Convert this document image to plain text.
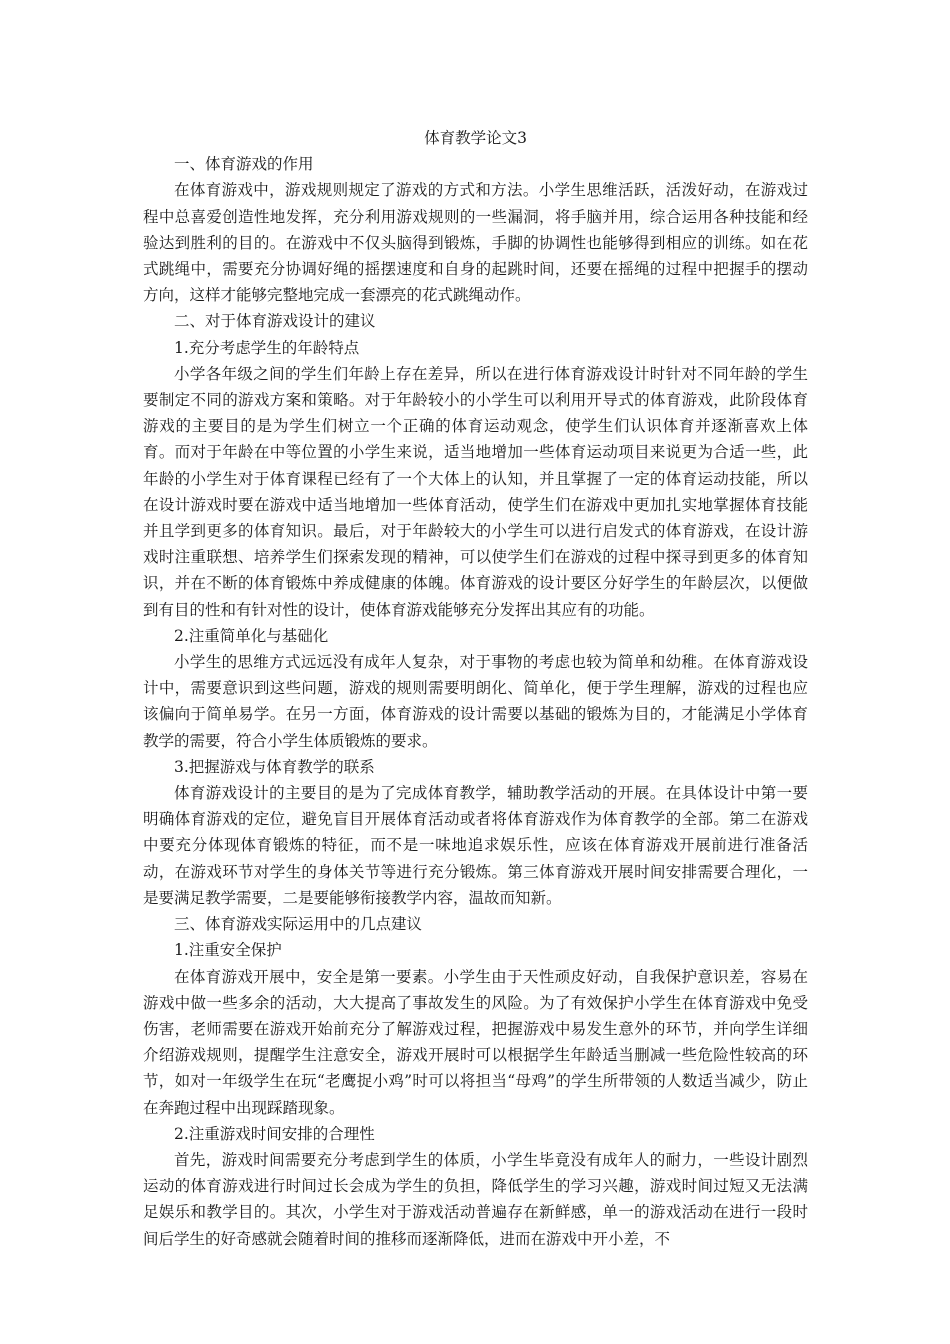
体育教学论文3

一、体育游戏的作用

在体育游戏中，游戏规则规定了游戏的方式和方法。小学生思维活跃，活泼好动，在游戏过程中总喜爱创造性地发挥，充分利用游戏规则的一些漏洞，将手脑并用，综合运用各种技能和经验达到胜利的目的。在游戏中不仅头脑得到锻炼，手脚的协调性也能够得到相应的训练。如在花式跳绳中，需要充分协调好绳的摇摆速度和自身的起跳时间，还要在摇绳的过程中把握手的摆动方向，这样才能够完整地完成一套漂亮的花式跳绳动作。

二、对于体育游戏设计的建议

1.充分考虑学生的年龄特点

小学各年级之间的学生们年龄上存在差异，所以在进行体育游戏设计时针对不同年龄的学生要制定不同的游戏方案和策略。对于年龄较小的小学生可以利用开导式的体育游戏，此阶段体育游戏的主要目的是为学生们树立一个正确的体育运动观念，使学生们认识体育并逐渐喜欢上体育。而对于年龄在中等位置的小学生来说，适当地增加一些体育运动项目来说更为合适一些，此年龄的小学生对于体育课程已经有了一个大体上的认知，并且掌握了一定的体育运动技能，所以在设计游戏时要在游戏中适当地增加一些体育活动，使学生们在游戏中更加扎实地掌握体育技能并且学到更多的体育知识。最后，对于年龄较大的小学生可以进行启发式的体育游戏，在设计游戏时注重联想、培养学生们探索发现的精神，可以使学生们在游戏的过程中探寻到更多的体育知识，并在不断的体育锻炼中养成健康的体魄。体育游戏的设计要区分好学生的年龄层次，以便做到有目的性和有针对性的设计，使体育游戏能够充分发挥出其应有的功能。

2.注重简单化与基础化

小学生的思维方式远远没有成年人复杂，对于事物的考虑也较为简单和幼稚。在体育游戏设计中，需要意识到这些问题，游戏的规则需要明朗化、简单化，便于学生理解，游戏的过程也应该偏向于简单易学。在另一方面，体育游戏的设计需要以基础的锻炼为目的，才能满足小学体育教学的需要，符合小学生体质锻炼的要求。

3.把握游戏与体育教学的联系

体育游戏设计的主要目的是为了完成体育教学，辅助教学活动的开展。在具体设计中第一要明确体育游戏的定位，避免盲目开展体育活动或者将体育游戏作为体育教学的全部。第二在游戏中要充分体现体育锻炼的特征，而不是一味地追求娱乐性，应该在体育游戏开展前进行准备活动，在游戏环节对学生的身体关节等进行充分锻炼。第三体育游戏开展时间安排需要合理化，一是要满足教学需要，二是要能够衔接教学内容，温故而知新。

三、体育游戏实际运用中的几点建议

1.注重安全保护

在体育游戏开展中，安全是第一要素。小学生由于天性顽皮好动，自我保护意识差，容易在游戏中做一些多余的活动，大大提高了事故发生的风险。为了有效保护小学生在体育游戏中免受伤害，老师需要在游戏开始前充分了解游戏过程，把握游戏中易发生意外的环节，并向学生详细介绍游戏规则，提醒学生注意安全，游戏开展时可以根据学生年龄适当删减一些危险性较高的环节，如对一年级学生在玩“老鹰捉小鸡”时可以将担当“母鸡”的学生所带领的人数适当减少，防止在奔跑过程中出现踩踏现象。

2.注重游戏时间安排的合理性

首先，游戏时间需要充分考虑到学生的体质，小学生毕竟没有成年人的耐力，一些设计剧烈运动的体育游戏进行时间过长会成为学生的负担，降低学生的学习兴趣，游戏时间过短又无法满足娱乐和教学目的。其次，小学生对于游戏活动普遍存在新鲜感，单一的游戏活动在进行一段时间后学生的好奇感就会随着时间的推移而逐渐降低，进而在游戏中开小差，不
